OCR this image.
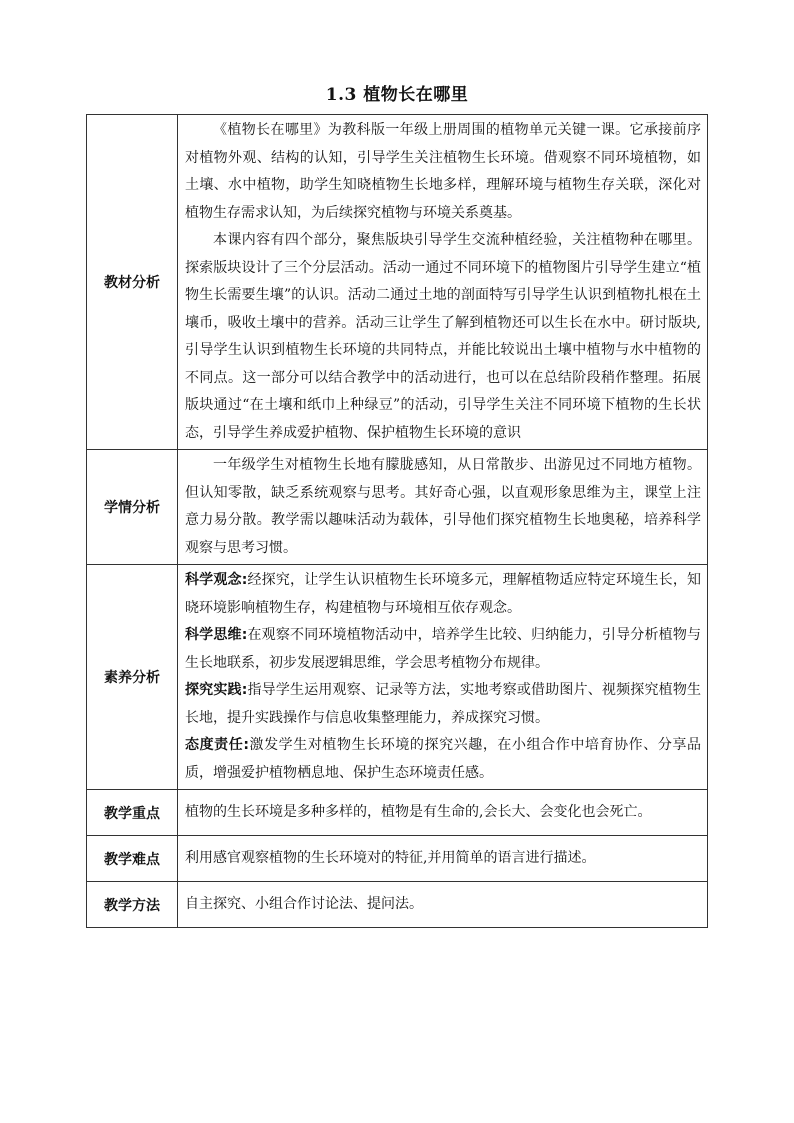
1.3 植物长在哪里
教材分析	《植物长在哪里》为教科版一年级上册周围的植物单元关键一课。它承接前序对植物外观、结构的认知，引导学生关注植物生长环境。借观察不同环境植物，如土壤、水中植物，助学生知晓植物生长地多样，理解环境与植物生存关联，深化对植物生存需求认知，为后续探究植物与环境关系奠基。

本课内容有四个部分，聚焦版块引导学生交流种植经验，关注植物种在哪里。探索版块设计了三个分层活动。活动一通过不同环境下的植物图片引导学生建立“植物生长需要生壤”的认识。活动二通过土地的剖面特写引导学生认识到植物扎根在土壤币，吸收土壤中的营养。活动三让学生了解到植物还可以生长在水中。研讨版块,引导学生认识到植物生长环境的共同特点，并能比较说出土壤中植物与水中植物的不同点。这一部分可以结合教学中的活动进行，也可以在总结阶段稍作整理。拓展版块通过“在土壤和纸巾上种绿豆”的活动，引导学生关注不同环境下植物的生长状态，引导学生养成爱护植物、保护植物生长环境的意识

学情分析	一年级学生对植物生长地有朦胧感知，从日常散步、出游见过不同地方植物。但认知零散，缺乏系统观察与思考。其好奇心强，以直观形象思维为主，课堂上注意力易分散。教学需以趣味活动为载体，引导他们探究植物生长地奥秘，培养科学观察与思考习惯。

素养分析	科学观念:经探究，让学生认识植物生长环境多元，理解植物适应特定环境生长，知晓环境影响植物生存，构建植物与环境相互依存观念。

科学思维:在观察不同环境植物活动中，培养学生比较、归纳能力，引导分析植物与生长地联系，初步发展逻辑思维，学会思考植物分布规律。

探究实践:指导学生运用观察、记录等方法，实地考察或借助图片、视频探究植物生长地，提升实践操作与信息收集整理能力，养成探究习惯。

态度责任:激发学生对植物生长环境的探究兴趣，在小组合作中培育协作、分享品质，增强爱护植物栖息地、保护生态环境责任感。

教学重点	植物的生长环境是多种多样的，植物是有生命的,会长大、会变化也会死亡。
教学难点	利用感官观察植物的生长环境对的特征,并用简单的语言进行描述。
教学方法	自主探究、小组合作讨论法、提问法。
